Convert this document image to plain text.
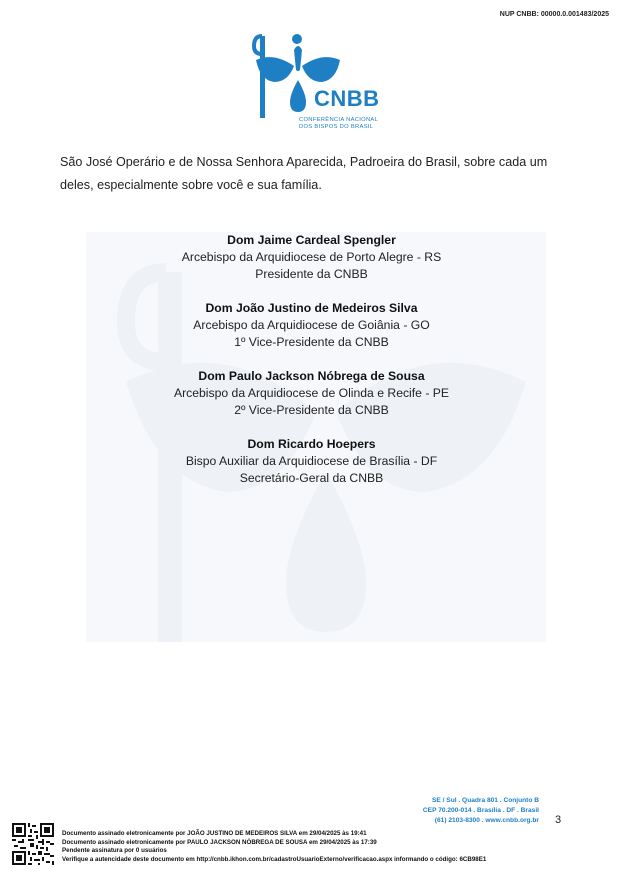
NUP CNBB: 00000.0.001483/2025
CNBB
CONFERÊNCIA NACIONAL
DOS BISPOS DO BRASIL

São José Operário e de Nossa Senhora Aparecida, Padroeira do Brasil, sobre cada um deles, especialmente sobre você e sua família.

Dom Jaime Cardeal Spengler
Arcebispo da Arquidiocese de Porto Alegre - RS
Presidente da CNBB
Dom João Justino de Medeiros Silva
Arcebispo da Arquidiocese de Goiânia - GO
1º Vice-Presidente da CNBB
Dom Paulo Jackson Nóbrega de Sousa
Arcebispo da Arquidiocese de Olinda e Recife - PE
2º Vice-Presidente da CNBB
Dom Ricardo Hoepers
Bispo Auxiliar da Arquidiocese de Brasília - DF
Secretário-Geral da CNBB
SE / Sul . Quadra 801 . Conjunto B
CEP 70.200-014 . Brasília . DF . Brasil
(61) 2103-8300 . www.cnbb.org.br 3
Documento assinado eletronicamente por JOÃO JUSTINO DE MEDEIROS SILVA em 29/04/2025 às 19:41
Documento assinado eletronicamente por PAULO JACKSON NÓBREGA DE SOUSA em 29/04/2025 às 17:39
Pendente assinatura por 0 usuários
Verifique a autencidade deste documento em http://cnbb.ikhon.com.br/cadastroUsuarioExterno/verificacao.aspx informando o código: 6CB98E1
